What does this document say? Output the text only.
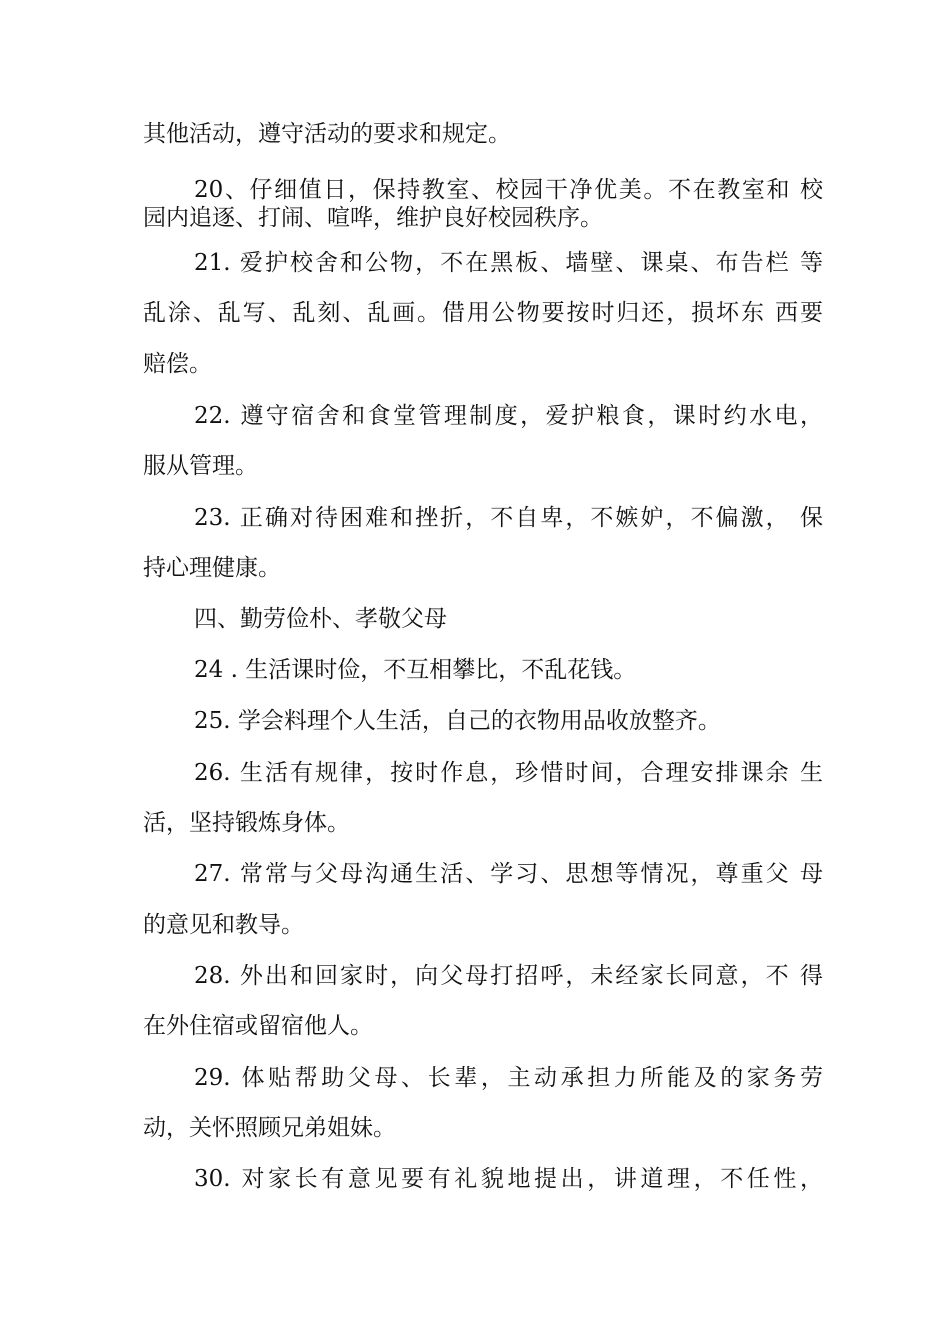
其他活动，遵守活动的要求和规定。
20、仔细值日，保持教室、校园干净优美。不在教室和 校
园内追逐、打闹、喧哗，维护良好校园秩序。
21. 爱护校舍和公物，不在黑板、墙壁、课桌、布告栏 等
乱涂、乱写、乱刻、乱画。借用公物要按时归还，损坏东 西要
赔偿。
22. 遵守宿舍和食堂管理制度，爱护粮食，课时约水电，
服从管理。
23. 正确对待困难和挫折，不自卑，不嫉妒，不偏激， 保
持心理健康。
四、勤劳俭朴、孝敬父母
24 . 生活课时俭，不互相攀比，不乱花钱。
25. 学会料理个人生活，自己的衣物用品收放整齐。
26. 生活有规律，按时作息，珍惜时间，合理安排课余 生
活，坚持锻炼身体。
27. 常常与父母沟通生活、学习、思想等情况，尊重父 母
的意见和教导。
28. 外出和回家时，向父母打招呼，未经家长同意，不 得
在外住宿或留宿他人。
29. 体贴帮助父母、长辈，主动承担力所能及的家务劳
动，关怀照顾兄弟姐妹。
30. 对家长有意见要有礼貌地提出，讲道理，不任性，
